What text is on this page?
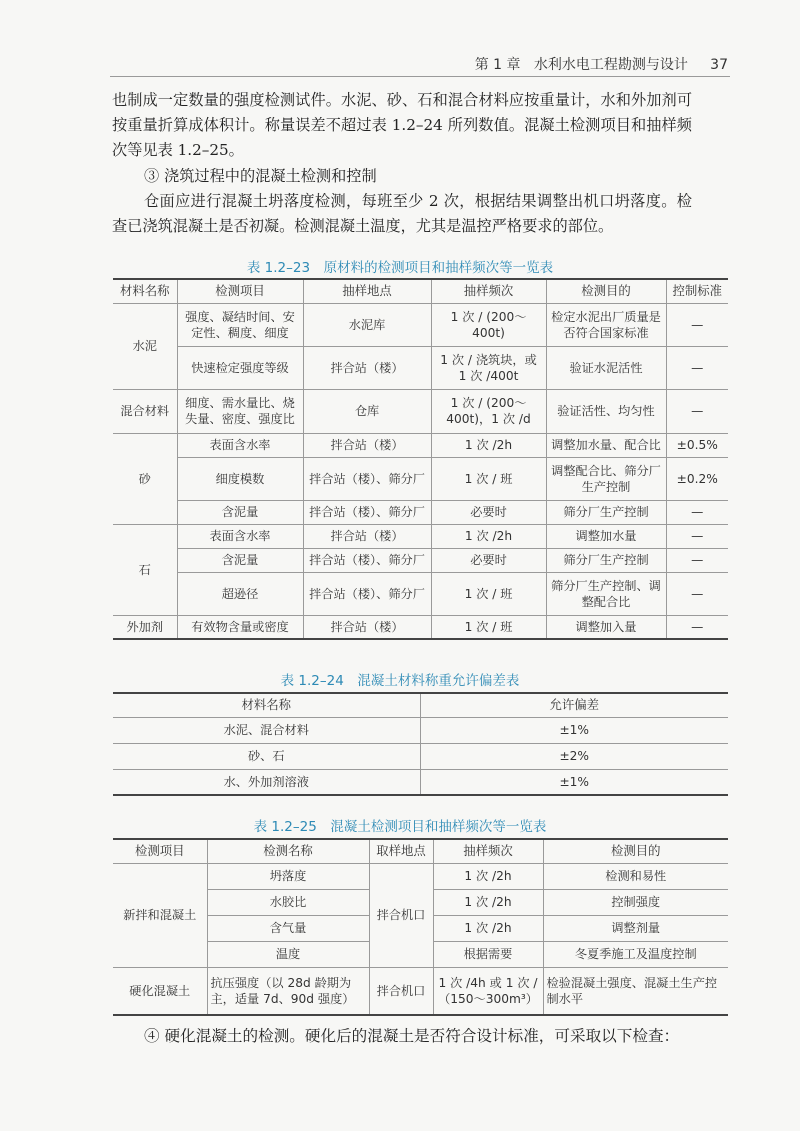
第 1 章 水利水电工程勘测与设计 37
也制成一定数量的强度检测试件。水泥、砂、石和混合材料应按重量计，水和外加剂可按重量折算成体积计。称量误差不超过表 1.2–24 所列数值。混凝土检测项目和抽样频次等见表 1.2–25。
③ 浇筑过程中的混凝土检测和控制
仓面应进行混凝土坍落度检测，每班至少 2 次，根据结果调整出机口坍落度。检查已浇筑混凝土是否初凝。检测混凝土温度，尤其是温控严格要求的部位。
表 1.2–23　原材料的检测项目和抽样频次等一览表
材料名称	检测项目	抽样地点	抽样频次	检测目的	控制标准
水泥	强度、凝结时间、安定性、稠度、细度	水泥库	1 次 / (200～400t)	检定水泥出厂质量是否符合国家标准	—
	快速检定强度等级	拌合站（楼）	1 次 / 浇筑块，或 1 次 /400t	验证水泥活性	—
混合材料	细度、需水量比、烧失量、密度、强度比	仓库	1 次 / (200～400t)，1 次 /d	验证活性、均匀性	—
砂	表面含水率	拌合站（楼）	1 次 /2h	调整加水量、配合比	±0.5%
	细度模数	拌合站（楼）、筛分厂	1 次 / 班	调整配合比、筛分厂生产控制	±0.2%
	含泥量	拌合站（楼）、筛分厂	必要时	筛分厂生产控制	—
石	表面含水率	拌合站（楼）	1 次 /2h	调整加水量	—
	含泥量	拌合站（楼）、筛分厂	必要时	筛分厂生产控制	—
	超逊径	拌合站（楼）、筛分厂	1 次 / 班	筛分厂生产控制、调整配合比	—
外加剂	有效物含量或密度	拌合站（楼）	1 次 / 班	调整加入量	—
表 1.2–24　混凝土材料称重允许偏差表
材料名称	允许偏差
水泥、混合材料	±1%
砂、石	±2%
水、外加剂溶液	±1%
表 1.2–25　混凝土检测项目和抽样频次等一览表
检测项目	检测名称	取样地点	抽样频次	检测目的
新拌和混凝土	坍落度	拌合机口	1 次 /2h	检测和易性
	水胶比		1 次 /2h	控制强度
	含气量		1 次 /2h	调整剂量
	温度		根据需要	冬夏季施工及温度控制
硬化混凝土	抗压强度（以 28d 龄期为主，适量 7d、90d 强度）	拌合机口	1 次 /4h 或 1 次 /（150～300m³）	检验混凝土强度、混凝土生产控制水平
④ 硬化混凝土的检测。硬化后的混凝土是否符合设计标准，可采取以下检查：
